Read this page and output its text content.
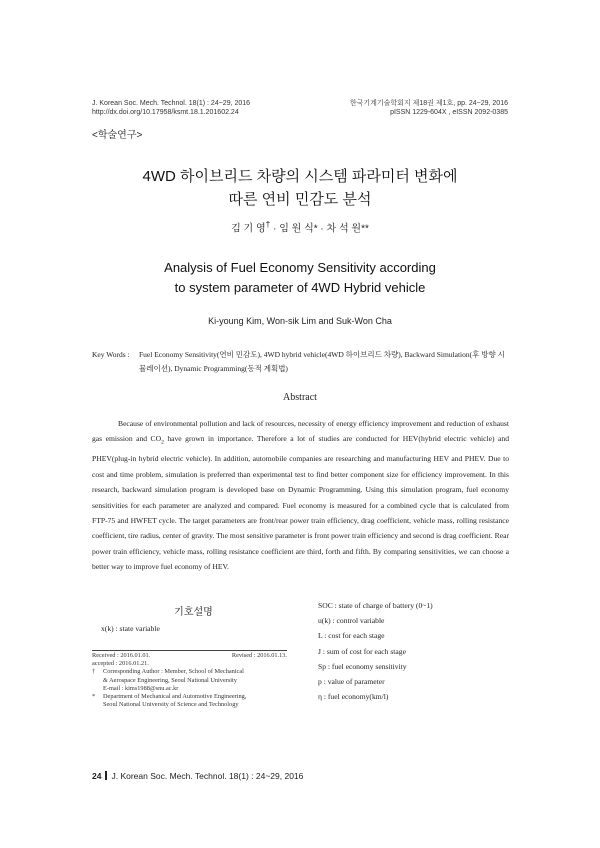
J. Korean Soc. Mech. Technol. 18(1) : 24~29, 2016
http://dx.doi.org/10.17958/ksmt.18.1.201602.24
한국기계기술학회지 제18권 제1호, pp. 24~29, 2016
pISSN 1229-604X , eISSN 2092-0385
<학술연구>
4WD 하이브리드 차량의 시스템 파라미터 변화에
따른 연비 민감도 분석
김 기 영† · 임 원 식* · 차 석 원**
Analysis of Fuel Economy Sensitivity according
to system parameter of 4WD Hybrid vehicle
Ki-young Kim, Won-sik Lim and Suk-Won Cha
Key Words : Fuel Economy Sensitivity(연비 민감도), 4WD hybrid vehicle(4WD 하이브리드 차량), Backward Simulation(후 방향 시뮬레이션), Dynamic Programming(동적 계획법)
Abstract
Because of environmental pollution and lack of resources, necessity of energy efficiency improvement and reduction of exhaust gas emission and $CO_2$ have grown in importance. Therefore a lot of studies are conducted for HEV(hybrid electric vehicle) and PHEV(plug-in hybrid electric vehicle). In addition, automobile companies are researching and manufacturing HEV and PHEV. Due to cost and time problem, simulation is preferred than experimental test to find better component size for efficiency improvement. In this research, backward simulation program is developed base on Dynamic Programming. Using this simulation program, fuel economy sensitivities for each parameter are analyzed and compared. Fuel economy is measured for a combined cycle that is calculated from FTP-75 and HWFET cycle. The target parameters are front/rear power train efficiency, drag coefficient, vehicle mass, rolling resistance coefficient, tire radius, center of gravity. The most sensitive parameter is front power train efficiency and second is drag coefficient. Rear power train efficiency, vehicle mass, rolling resistance coefficient are third, forth and fifth. By comparing sensitivities, we can choose a better way to improve fuel economy of HEV.
기호설명
x(k) : state variable
SOC : state of charge of battery (0~1)
u(k) : control variable
L : cost for each stage
J : sum of cost for each stage
Sp : fuel economy sensitivity
p : value of parameter
η : fuel economy(km/l)
Received : 2016.01.01.	Revised : 2016.01.13.
accepted : 2016.01.21.
† Corresponding Author : Member, School of Mechanical
& Aerospace Engineering, Seoul National University
E-mail : kims1988@snu.ac.kr
* Department of Mechanical and Automotive Engineering,
Seoul National University of Science and Technology
24 J. Korean Soc. Mech. Technol. 18(1) : 24~29, 2016
